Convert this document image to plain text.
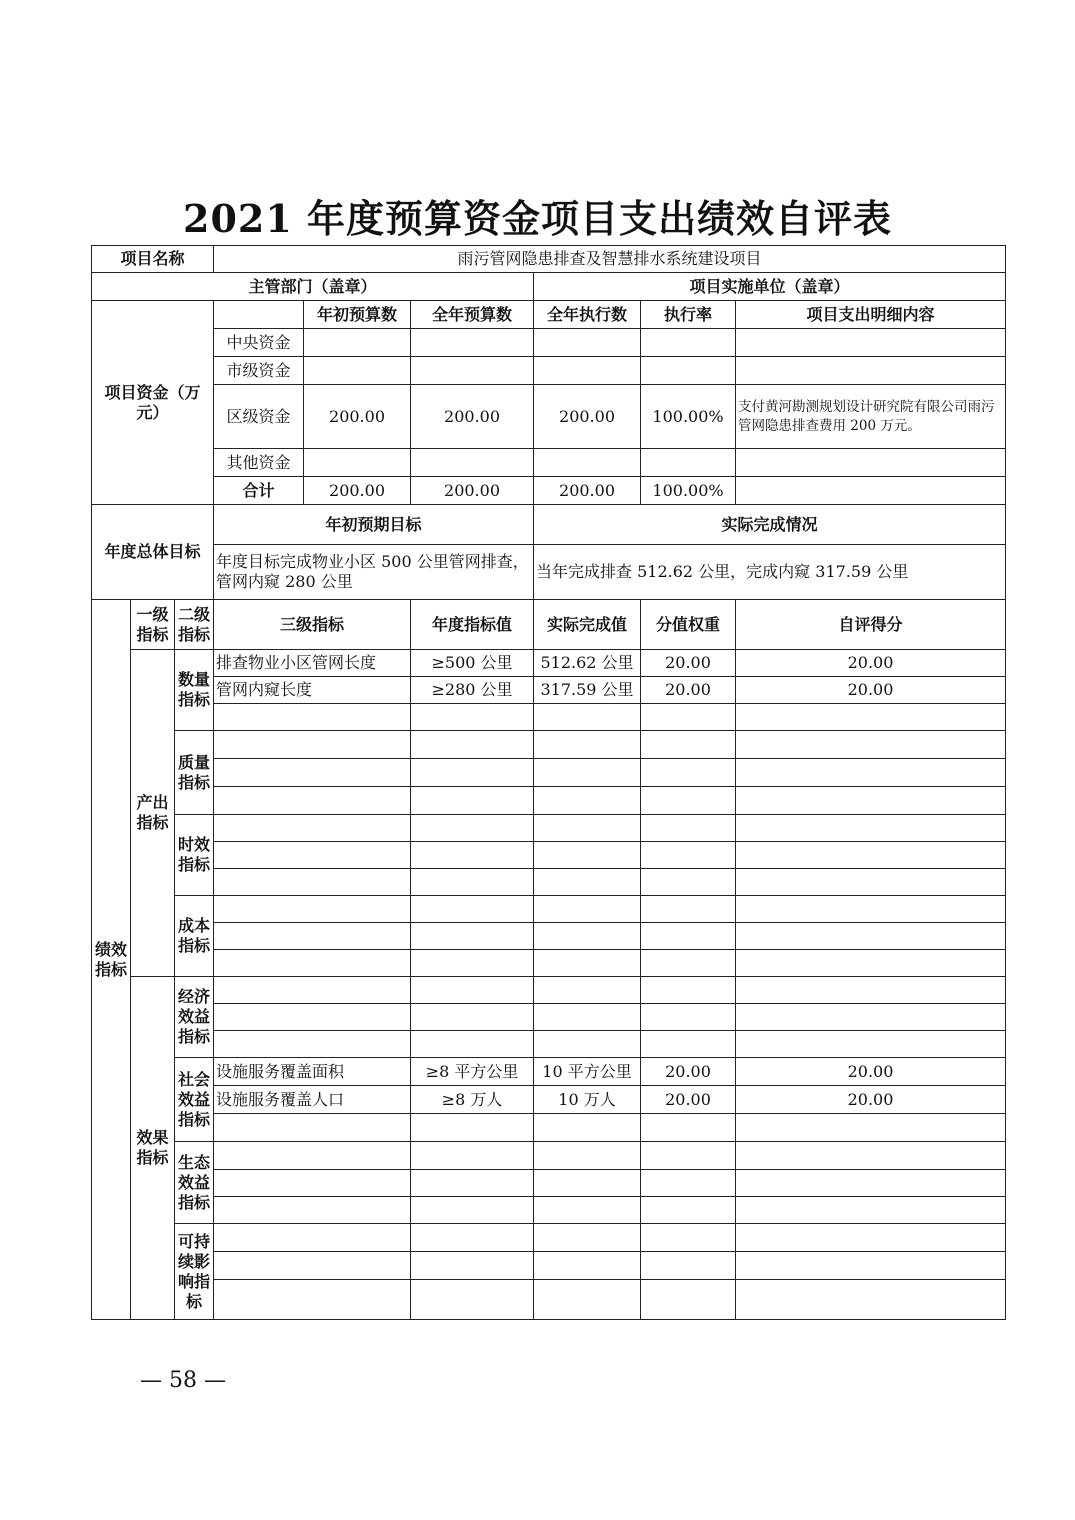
2021 年度预算资金项目支出绩效自评表
项目名称			雨污管网隐患排查及智慧排水系统建设项目					
主管部门（盖章）						项目实施单位（盖章）		
项目资金（万元）				年初预算数	全年预算数	全年执行数	执行率	项目支出明细内容
			中央资金					
			市级资金					
			区级资金	200.00	200.00	200.00	100.00%	支付黄河勘测规划设计研究院有限公司雨污管网隐患排查费用 200 万元。
			其他资金					
			合计	200.00	200.00	200.00	100.00%	
年度总体目标			年初预期目标			实际完成情况		
			年度目标完成物业小区 500 公里管网排查，管网内窥 280 公里			当年完成排查 512.62 公里，完成内窥 317.59 公里		
绩效指标	一级指标	二级指标	三级指标		年度指标值	实际完成值	分值权重	自评得分
	产出指标	数量指标	排查物业小区管网长度		≥500 公里	512.62 公里	20.00	20.00
			管网内窥长度		≥280 公里	317.59 公里	20.00	20.00

		质量指标						

		时效指标						

		成本指标						

	效果指标	经济效益指标						

		社会效益指标	设施服务覆盖面积		≥8 平方公里	10 平方公里	20.00	20.00
			设施服务覆盖人口		≥8 万人	10 万人	20.00	20.00

		生态效益指标						

		可持续影响指标						

— 58 —
